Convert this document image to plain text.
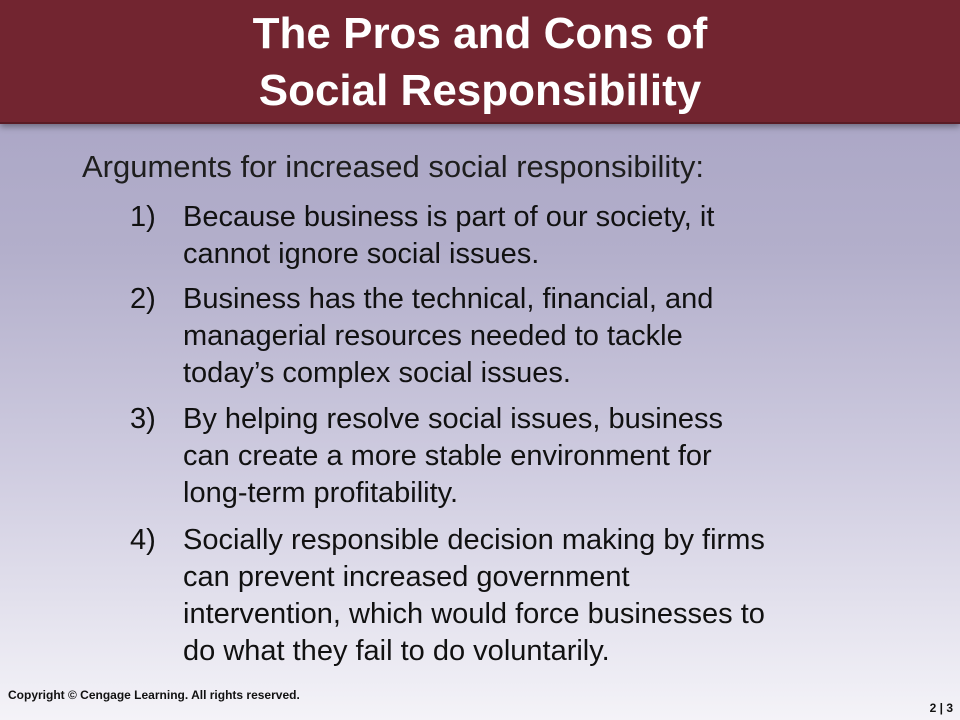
The Pros and Cons of
Social Responsibility
Arguments for increased social responsibility:
1) Because business is part of our society, it
cannot ignore social issues.
2) Business has the technical, financial, and
managerial resources needed to tackle
today’s complex social issues.
3) By helping resolve social issues, business
can create a more stable environment for
long-term profitability.
4) Socially responsible decision making by firms
can prevent increased government
intervention, which would force businesses to
do what they fail to do voluntarily.
Copyright © Cengage Learning. All rights reserved.
2 | 3
